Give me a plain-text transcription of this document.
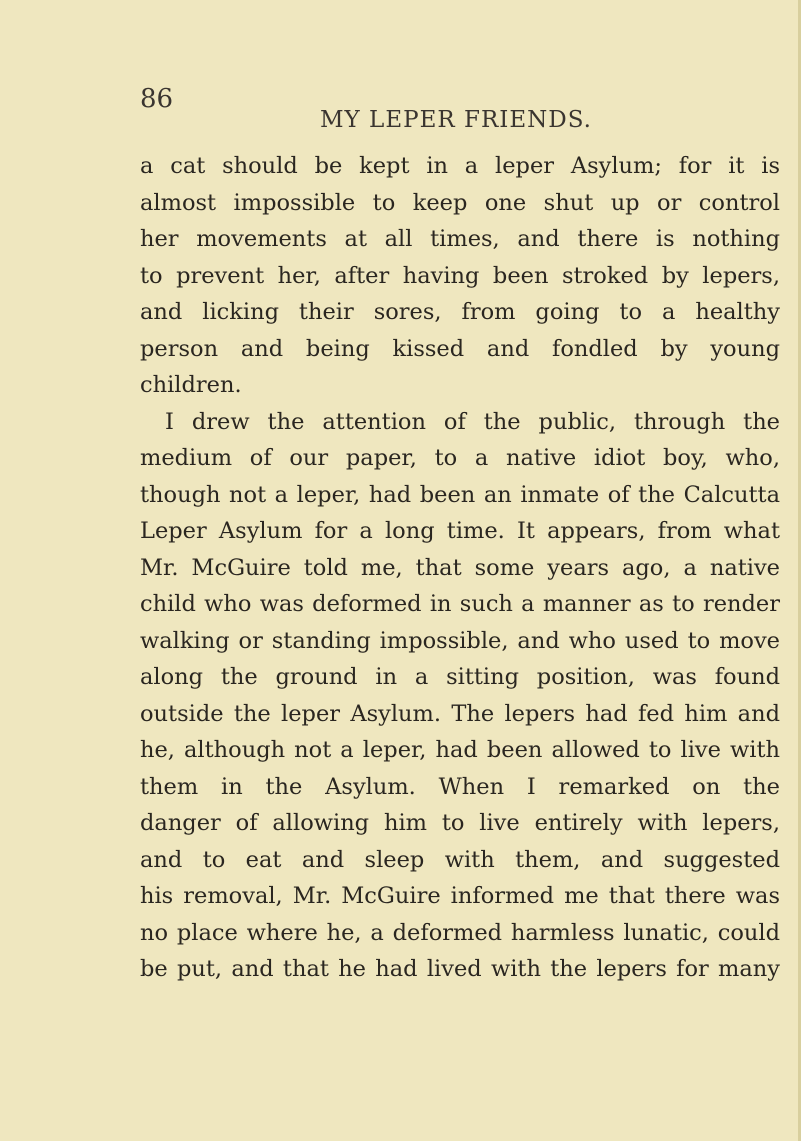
86
MY LEPER FRIENDS.
a cat should be kept in a leper Asylum; for it is
almost impossible to keep one shut up or control
her movements at all times, and there is nothing
to prevent her, after having been stroked by lepers,
and licking their sores, from going to a healthy
person and being kissed and fondled by young
children.
I drew the attention of the public, through the
medium of our paper, to a native idiot boy, who,
though not a leper, had been an inmate of the Calcutta
Leper Asylum for a long time. It appears, from what
Mr. McGuire told me, that some years ago, a native
child who was deformed in such a manner as to render
walking or standing impossible, and who used to move
along the ground in a sitting position, was found
outside the leper Asylum. The lepers had fed him and
he, although not a leper, had been allowed to live with
them in the Asylum. When I remarked on the
danger of allowing him to live entirely with lepers,
and to eat and sleep with them, and suggested
his removal, Mr. McGuire informed me that there was
no place where he, a deformed harmless lunatic, could
be put, and that he had lived with the lepers for many
